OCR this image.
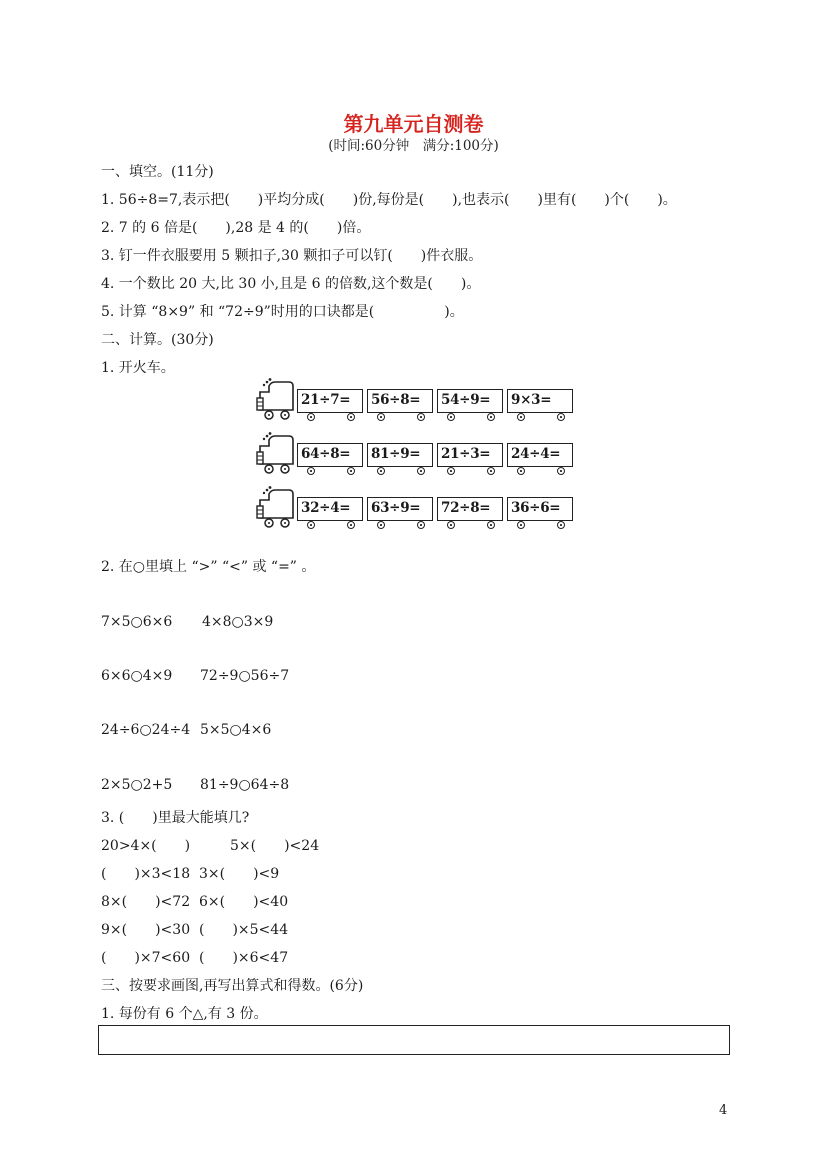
第九单元自测卷
(时间:60分钟　满分:100分)
一、填空。(11分)
1. 56÷8=7,表示把(　　)平均分成(　　)份,每份是(　　),也表示(　　)里有(　　)个(　　)。
2. 7 的 6 倍是(　　),28 是 4 的(　　)倍。
3. 钉一件衣服要用 5 颗扣子,30 颗扣子可以钉(　　)件衣服。
4. 一个数比 20 大,比 30 小,且是 6 的倍数,这个数是(　　)。
5. 计算 “8×9” 和 “72÷9”时用的口诀都是(　　　　　)。
二、计算。(30分)
1. 开火车。
21÷7=	56÷8=	54÷9=	9×3=
64÷8=	81÷9=	21÷3=	24÷4=
32÷4=	63÷9=	72÷8=	36÷6=
2. 在○里填上 “>” “<” 或 “=” 。
7×5○6×6 4×8○3×9
6×6○4×9 72÷9○56÷7
24÷6○24÷4 5×5○4×6
2×5○2+5 81÷9○64÷8
3. (　　)里最大能填几?
20>4×(　　)	5×(　　)<24
(　　)×3<18 3×(　　)<9
8×(　　)<72 6×(　　)<40
9×(　　)<30 (　　)×5<44
(　　)×7<60 (　　)×6<47
三、按要求画图,再写出算式和得数。(6分)
1. 每份有 6 个△,有 3 份。
4
